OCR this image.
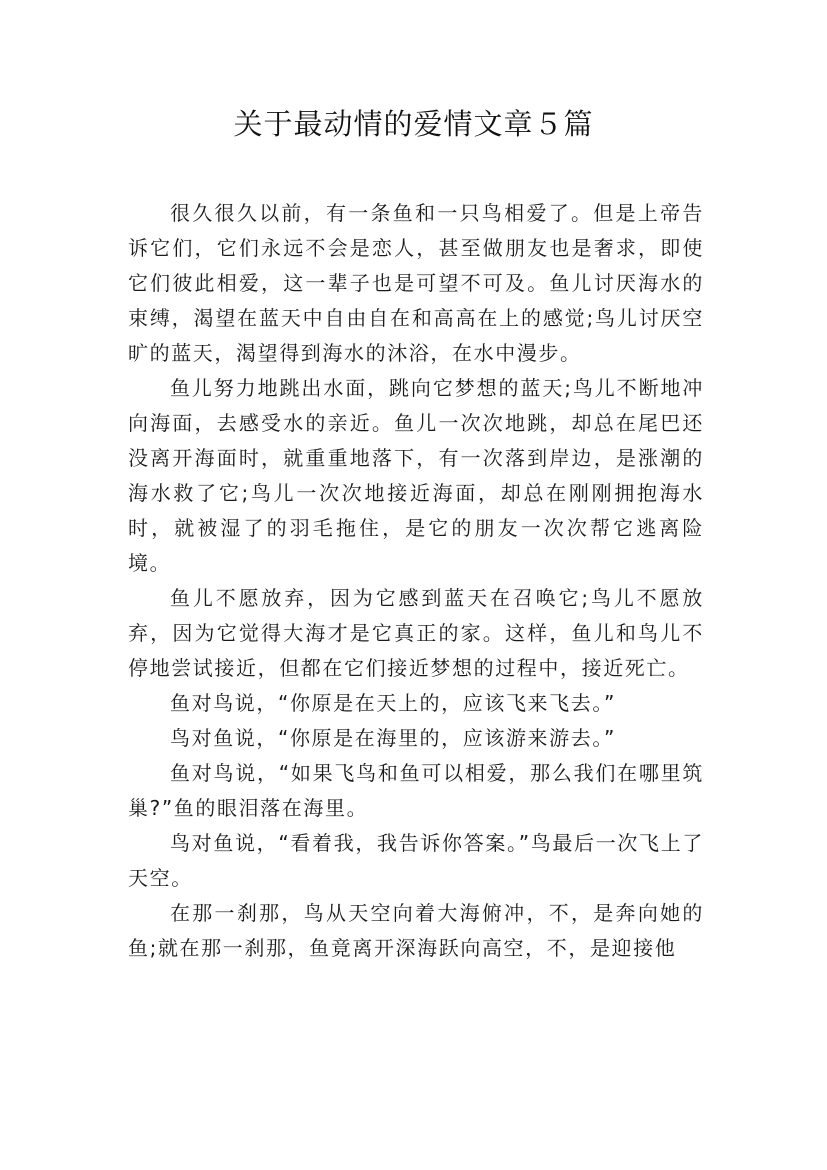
关于最动情的爱情文章５篇

很久很久以前，有一条鱼和一只鸟相爱了。但是上帝告诉它们，它们永远不会是恋人，甚至做朋友也是奢求，即使它们彼此相爱，这一辈子也是可望不可及。鱼儿讨厌海水的束缚，渴望在蓝天中自由自在和高高在上的感觉;鸟儿讨厌空旷的蓝天，渴望得到海水的沐浴，在水中漫步。

鱼儿努力地跳出水面，跳向它梦想的蓝天;鸟儿不断地冲向海面，去感受水的亲近。鱼儿一次次地跳，却总在尾巴还没离开海面时，就重重地落下，有一次落到岸边，是涨潮的海水救了它;鸟儿一次次地接近海面，却总在刚刚拥抱海水时，就被湿了的羽毛拖住，是它的朋友一次次帮它逃离险境。

鱼儿不愿放弃，因为它感到蓝天在召唤它;鸟儿不愿放弃，因为它觉得大海才是它真正的家。这样，鱼儿和鸟儿不停地尝试接近，但都在它们接近梦想的过程中，接近死亡。

鱼对鸟说，“你原是在天上的，应该飞来飞去。”

鸟对鱼说，“你原是在海里的，应该游来游去。”

鱼对鸟说，“如果飞鸟和鱼可以相爱，那么我们在哪里筑巢?”鱼的眼泪落在海里。

鸟对鱼说，“看着我，我告诉你答案。”鸟最后一次飞上了天空。

在那一刹那，鸟从天空向着大海俯冲，不，是奔向她的鱼;就在那一刹那，鱼竟离开深海跃向高空，不，是迎接他
